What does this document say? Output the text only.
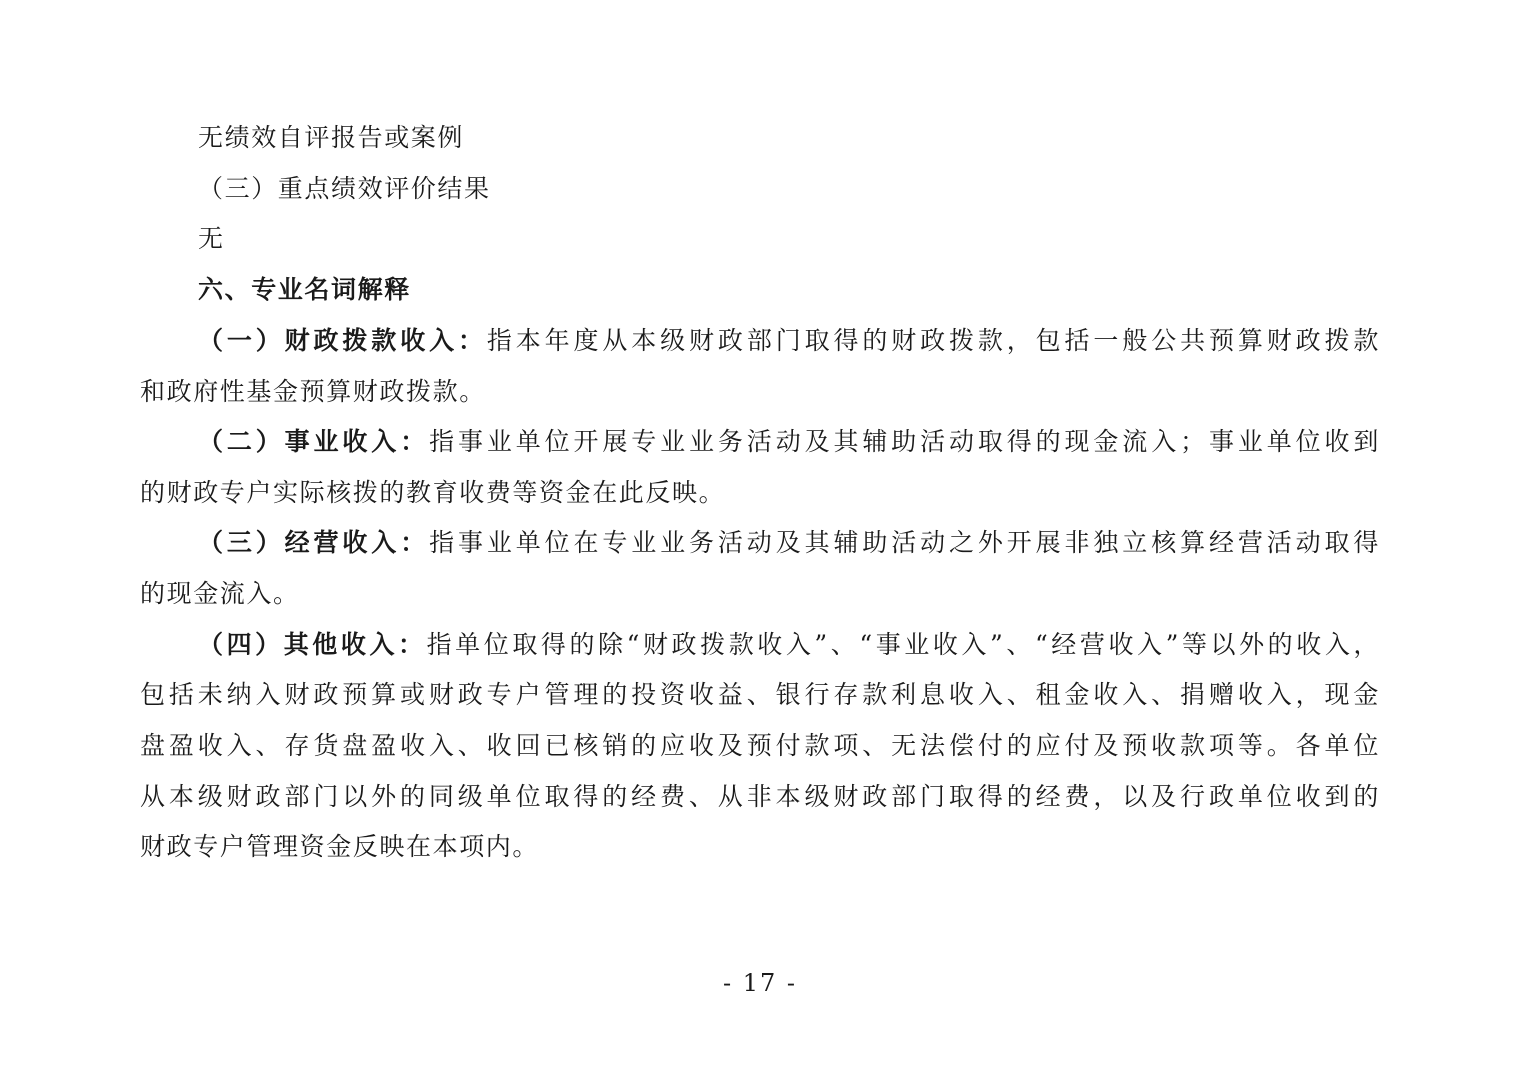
无绩效自评报告或案例
（三）重点绩效评价结果
无
六、专业名词解释
（一）财政拨款收入：指本年度从本级财政部门取得的财政拨款，包括一般公共预算财政拨款
和政府性基金预算财政拨款。
（二）事业收入：指事业单位开展专业业务活动及其辅助活动取得的现金流入；事业单位收到
的财政专户实际核拨的教育收费等资金在此反映。
（三）经营收入：指事业单位在专业业务活动及其辅助活动之外开展非独立核算经营活动取得
的现金流入。
（四）其他收入：指单位取得的除“财政拨款收入”、“事业收入”、“经营收入”等以外的收入，
包括未纳入财政预算或财政专户管理的投资收益、银行存款利息收入、租金收入、捐赠收入，现金
盘盈收入、存货盘盈收入、收回已核销的应收及预付款项、无法偿付的应付及预收款项等。各单位
从本级财政部门以外的同级单位取得的经费、从非本级财政部门取得的经费，以及行政单位收到的
财政专户管理资金反映在本项内。
- 17 -
